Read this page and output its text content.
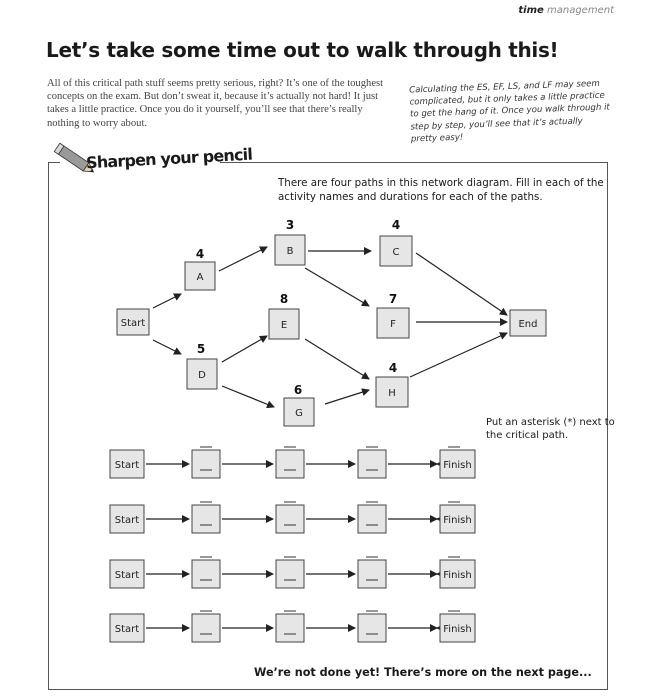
time management
Let’s take some time out to walk through this!

All of this critical path stuff seems pretty serious, right? It’s one of the toughest concepts on the exam. But don’t sweat it, because it’s actually not hard! It just takes a little practice. Once you do it yourself, you’ll see that there’s really nothing to worry about.

Calculating the ES, EF, LS, and LF may seem complicated, but it only takes a little practice to get the hang of it. Once you walk through it step by step, you’ll see that it’s actually pretty easy!

Start	End
4
A
3
B
4
C
5
D
8
E
7
F
6
G
4
H
Start	Finish
Start	Finish
Start	Finish
Start	Finish
Sharpen your pencil

There are four paths in this network diagram. Fill in each of the activity names and durations for each of the paths.

Put an asterisk (*) next to the critical path.

We’re not done yet! There’s more on the next page...
